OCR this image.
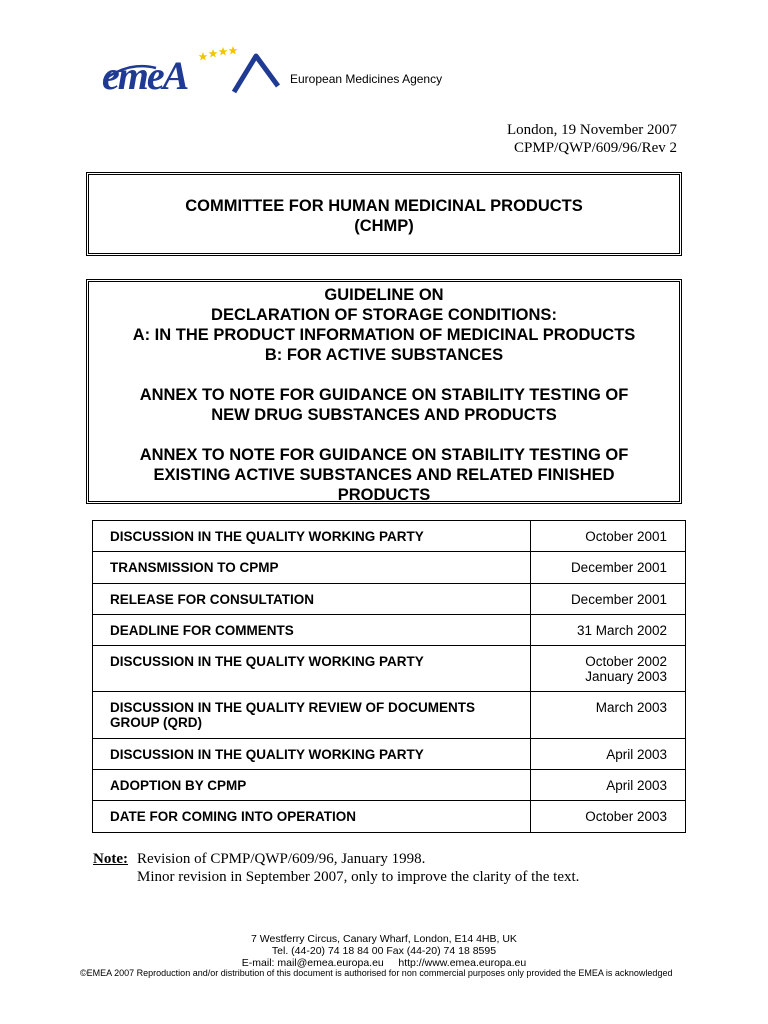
emeA	European Medicines Agency
London, 19 November 2007
CPMP/QWP/609/96/Rev 2
COMMITTEE FOR HUMAN MEDICINAL PRODUCTS
(CHMP)
GUIDELINE ON
DECLARATION OF STORAGE CONDITIONS:
A: IN THE PRODUCT INFORMATION OF MEDICINAL PRODUCTS
B: FOR ACTIVE SUBSTANCES
ANNEX TO NOTE FOR GUIDANCE ON STABILITY TESTING OF
NEW DRUG SUBSTANCES AND PRODUCTS
ANNEX TO NOTE FOR GUIDANCE ON STABILITY TESTING OF
EXISTING ACTIVE SUBSTANCES AND RELATED FINISHED
PRODUCTS
DISCUSSION IN THE QUALITY WORKING PARTY	October 2001
TRANSMISSION TO CPMP	December 2001
RELEASE FOR CONSULTATION	December 2001
DEADLINE FOR COMMENTS	31 March 2002
DISCUSSION IN THE QUALITY WORKING PARTY	October 2002
January 2003

DISCUSSION IN THE QUALITY REVIEW OF DOCUMENTS GROUP (QRD)	March 2003
DISCUSSION IN THE QUALITY WORKING PARTY	April 2003
ADOPTION BY CPMP	April 2003
DATE FOR COMING INTO OPERATION	October 2003
Note: Revision of CPMP/QWP/609/96, January 1998.
Minor revision in September 2007, only to improve the clarity of the text.
7 Westferry Circus, Canary Wharf, London, E14 4HB, UK
Tel. (44-20) 74 18 84 00 Fax (44-20) 74 18 8595
E-mail: mail@emea.europa.eu     http://www.emea.europa.eu
©EMEA 2007 Reproduction and/or distribution of this document is authorised for non commercial purposes only provided the EMEA is acknowledged
